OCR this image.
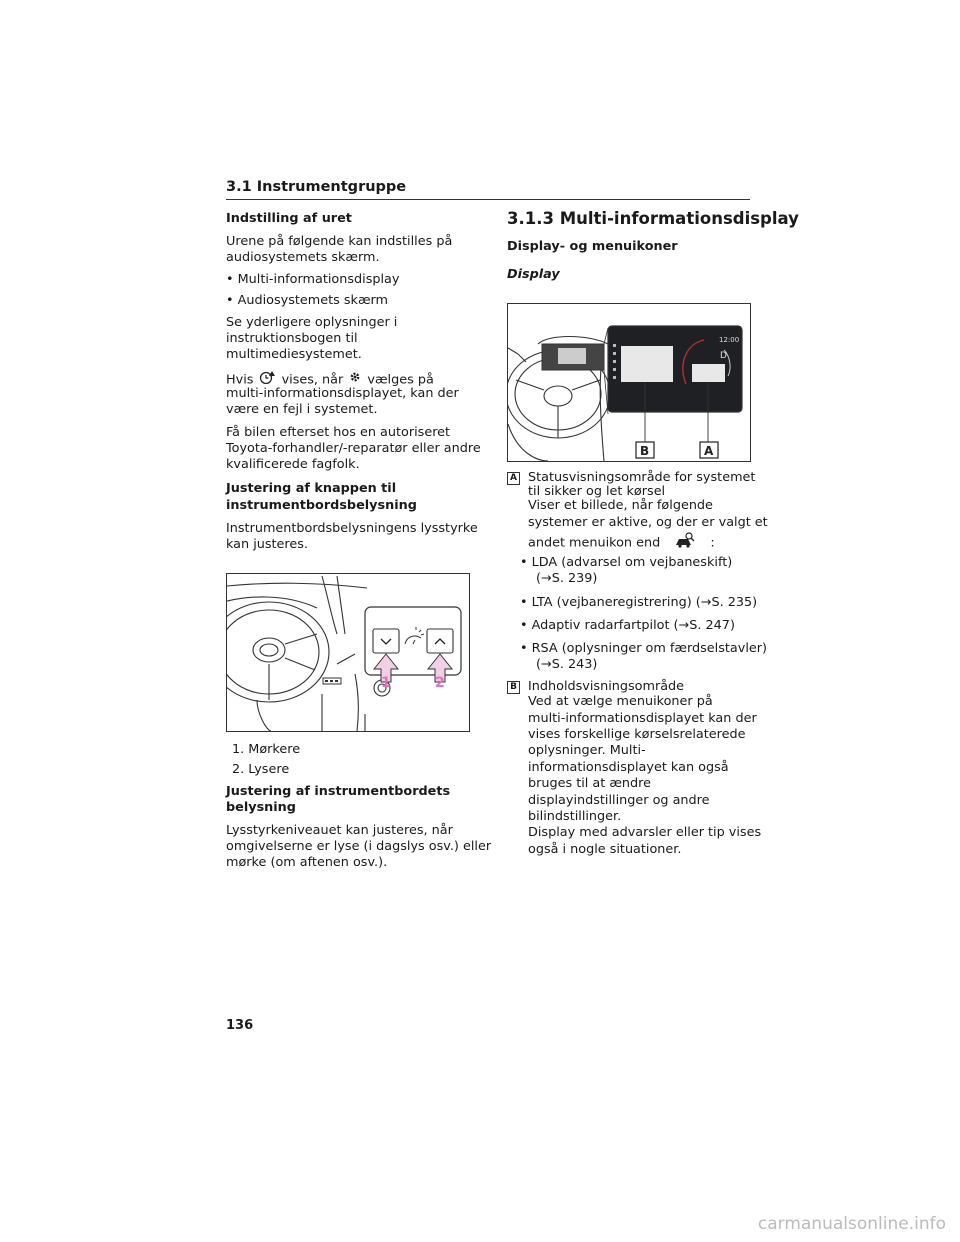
3.1 Instrumentgruppe
Indstilling af uret
Urene på følgende kan indstilles på
audiosystemets skærm.
• Multi-informationsdisplay
• Audiosystemets skærm
Se yderligere oplysninger i
instruktionsbogen til
multimediesystemet.
Hvis vises, når vælges på
multi-informationsdisplayet, kan der
være en fejl i systemet.
Få bilen efterset hos en autoriseret
Toyota-forhandler/-reparatør eller andre
kvalificerede fagfolk.
Justering af knappen til
instrumentbordsbelysning
Instrumentbordsbelysningens lysstyrke
kan justeres.
1	2
1. Mørkere
2. Lysere
Justering af instrumentbordets
belysning
Lysstyrkeniveauet kan justeres, når
omgivelserne er lyse (i dagslys osv.) eller
mørke (om aftenen osv.).
3.1.3 Multi-informationsdisplay
Display- og menuikoner
Display
12:00
D
B	A
A Statusvisningsområde for systemet
til sikker og let kørsel
Viser et billede, når følgende
systemer er aktive, og der er valgt et
andet menuikon end	:
• LDA (advarsel om vejbaneskift)
(→S. 239)
• LTA (vejbaneregistrering) (→S. 235)
• Adaptiv radarfartpilot (→S. 247)
• RSA (oplysninger om færdselstavler)
(→S. 243)
B Indholdsvisningsområde
Ved at vælge menuikoner på
multi-informationsdisplayet kan der
vises forskellige kørselsrelaterede
oplysninger. Multi-
informationsdisplayet kan også
bruges til at ændre
displayindstillinger og andre
bilindstillinger.
Display med advarsler eller tip vises
også i nogle situationer.
136
carmanualsonline.info
